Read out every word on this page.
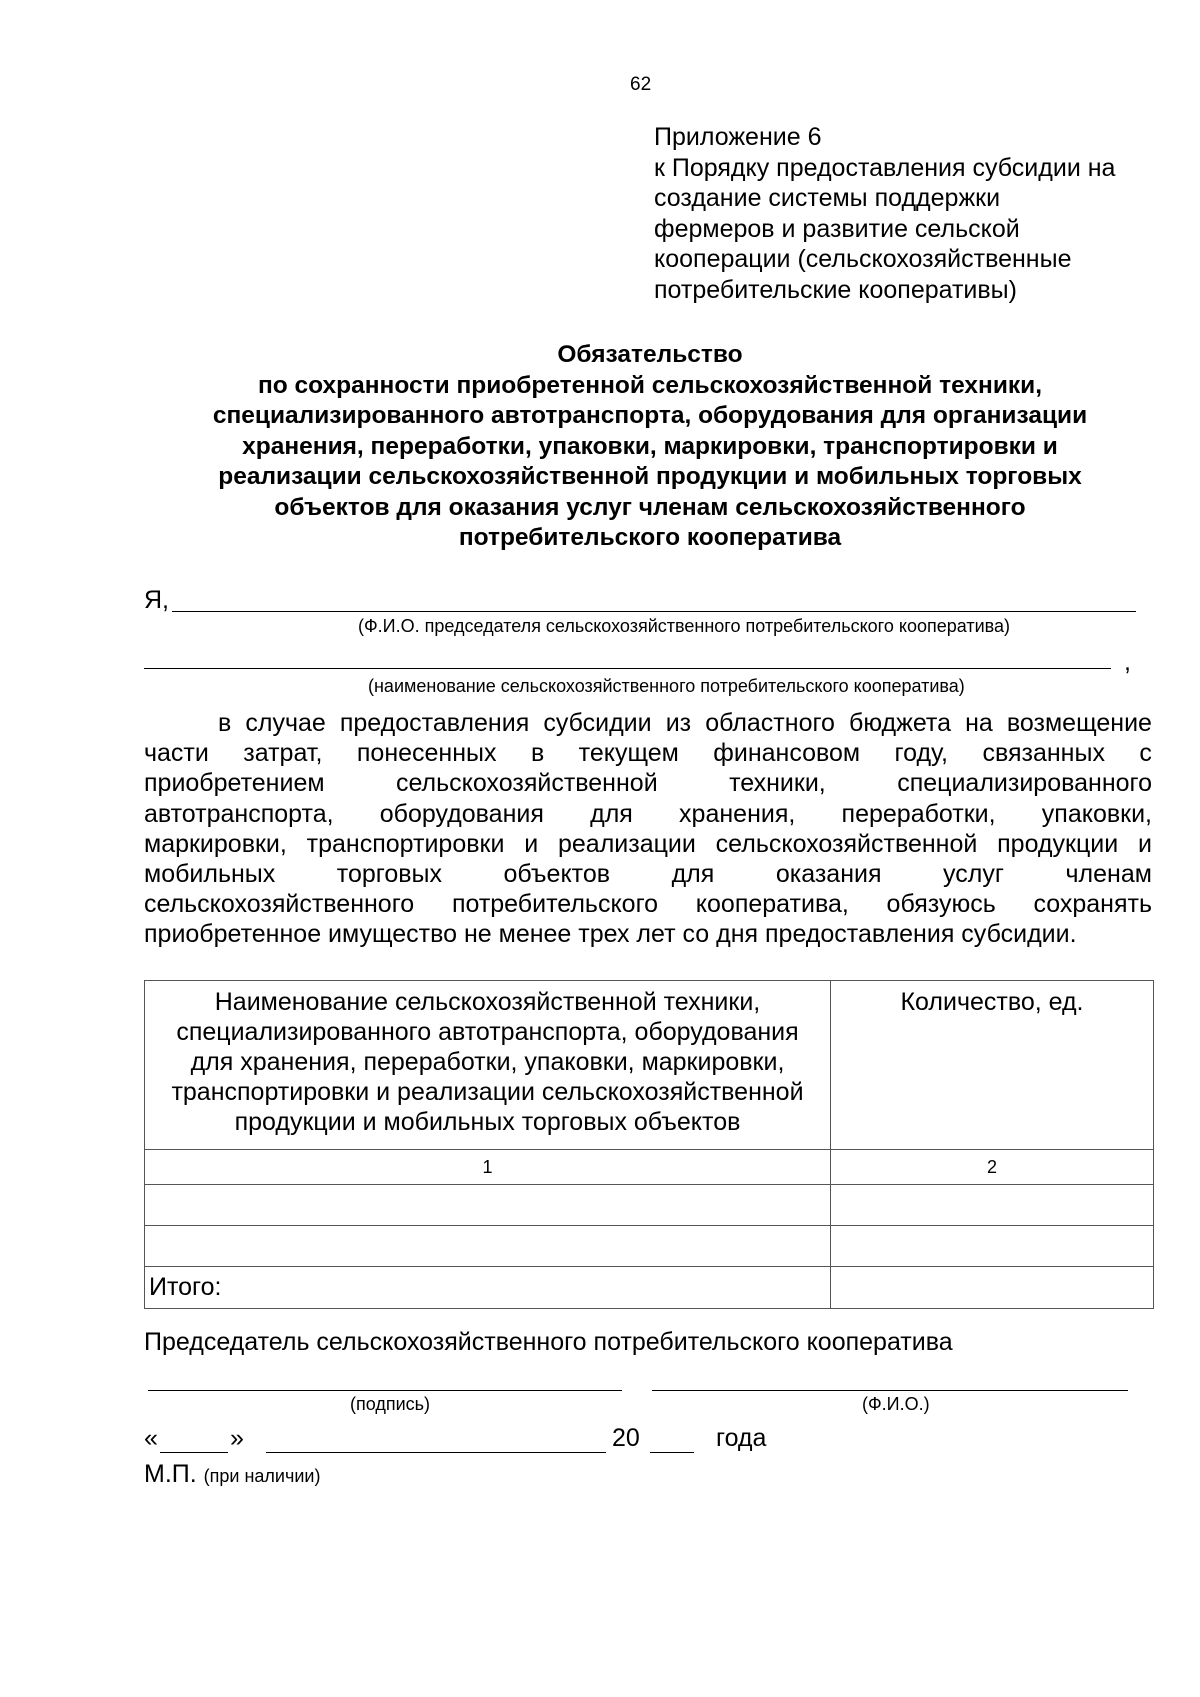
62
Приложение 6
к Порядку предоставления субсидии на
создание системы поддержки
фермеров и развитие сельской
кооперации (сельскохозяйственные
потребительские кооперативы)
Обязательство
по сохранности приобретенной сельскохозяйственной техники,
специализированного автотранспорта, оборудования для организации
хранения, переработки, упаковки, маркировки, транспортировки и
реализации сельскохозяйственной продукции и мобильных торговых
объектов для оказания услуг членам сельскохозяйственного
потребительского кооператива
Я,
(Ф.И.О. председателя сельскохозяйственного потребительского кооператива)
,
(наименование сельскохозяйственного потребительского кооператива)
в случае предоставления субсидии из областного бюджета на возмещение
части затрат, понесенных в текущем финансовом году, связанных с
приобретением	сельскохозяйственной	техники,	специализированного
автотранспорта, оборудования для хранения, переработки, упаковки,
маркировки, транспортировки и реализации сельскохозяйственной продукции и
мобильных торговых объектов для оказания услуг членам
сельскохозяйственного потребительского кооператива, обязуюсь сохранять
приобретенное имущество не менее трех лет со дня предоставления субсидии.
Наименование сельскохозяйственной техники,
специализированного автотранспорта, оборудования
для хранения, переработки, упаковки, маркировки,
транспортировки и реализации сельскохозяйственной
продукции и мобильных торговых объектов	Количество, ед.

1	2

Итого:	
Председатель сельскохозяйственного потребительского кооператива
(подпись)	(Ф.И.О.)
«	»	20	года
М.П. (при наличии)
